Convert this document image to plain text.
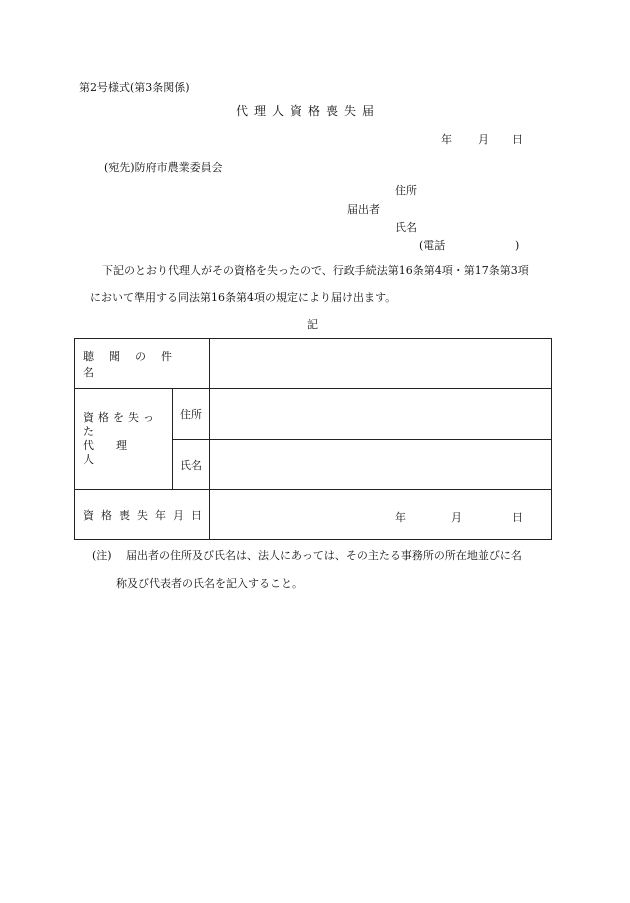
第2号様式(第3条関係)
代理人資格喪失届
年 月 日
(宛先)防府市農業委員会
住所
届出者
氏名
(電話	)
下記のとおり代理人がその資格を失ったので、行政手続法第16条第4項・第17条第3項
において準用する同法第16条第4項の規定により届け出ます。
記
聴聞の件名		

資格を失った
代理人	住所	
	氏名	
資格喪失年月日		年 月 日
(注) 届出者の住所及び氏名は、法人にあっては、その主たる事務所の所在地並びに名
称及び代表者の氏名を記入すること。
